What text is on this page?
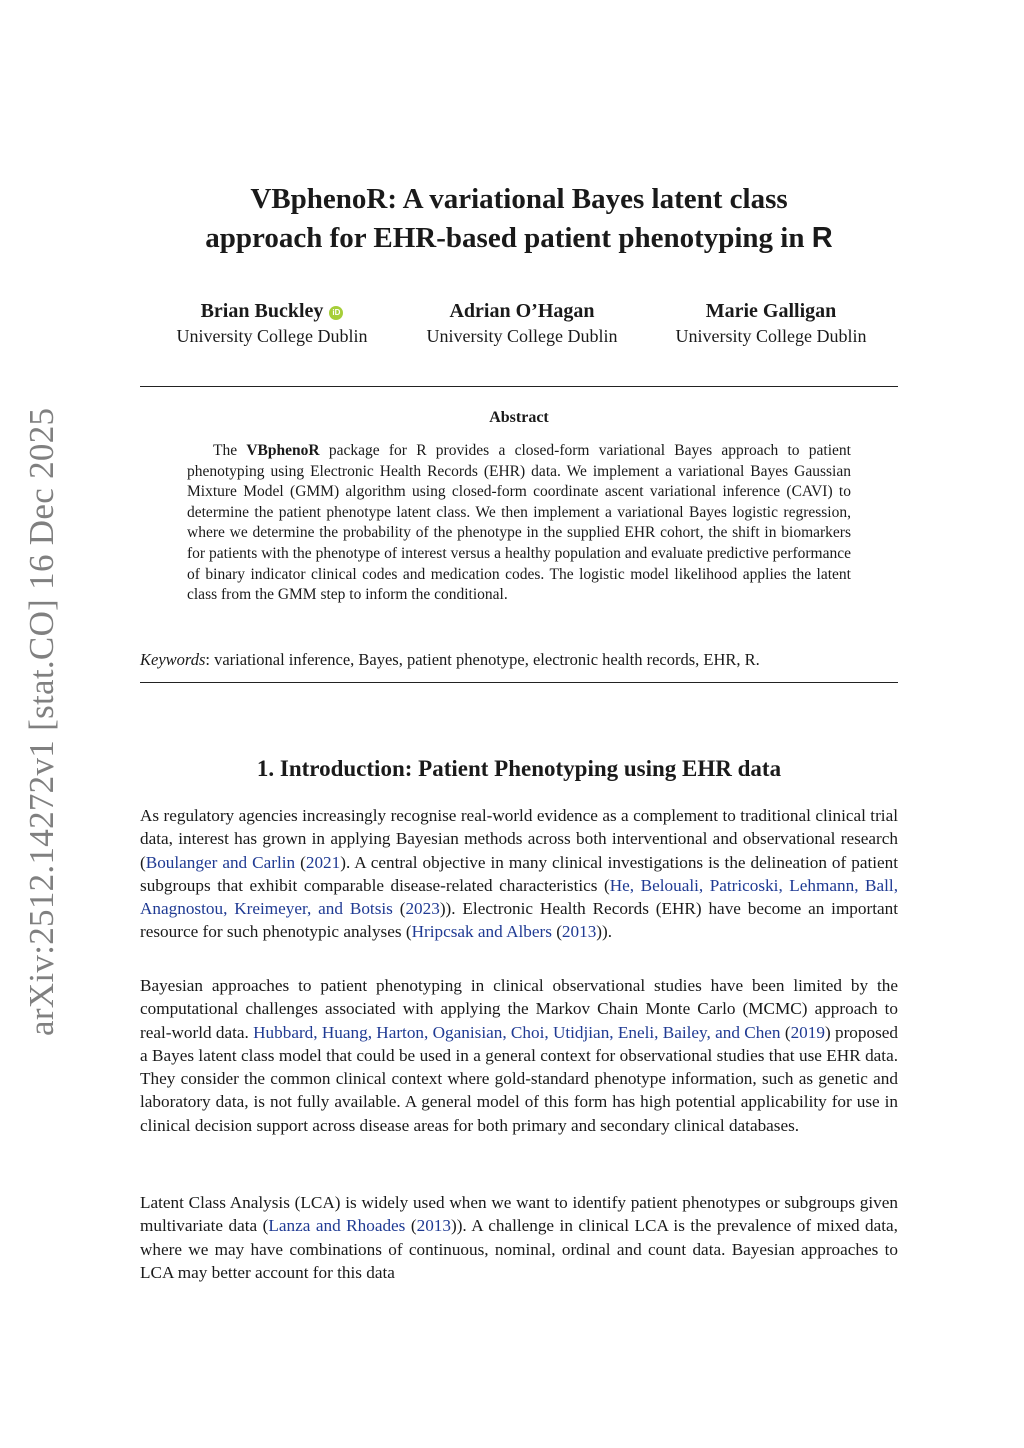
arXiv:2512.14272v1 [stat.CO] 16 Dec 2025
VBphenoR: A variational Bayes latent class
approach for EHR-based patient phenotyping in R
Brian Buckley iD
University College Dublin
Adrian O’Hagan
University College Dublin
Marie Galligan
University College Dublin
Abstract

The VBphenoR package for R provides a closed-form variational Bayes approach to patient phenotyping using Electronic Health Records (EHR) data. We implement a variational Bayes Gaussian Mixture Model (GMM) algorithm using closed-form coordinate ascent variational inference (CAVI) to determine the patient phenotype latent class. We then implement a variational Bayes logistic regression, where we determine the probability of the phenotype in the supplied EHR cohort, the shift in biomarkers for patients with the phenotype of interest versus a healthy population and evaluate predictive performance of binary indicator clinical codes and medication codes. The logistic model likelihood applies the latent class from the GMM step to inform the conditional.

Keywords: variational inference, Bayes, patient phenotype, electronic health records, EHR, R.
1. Introduction: Patient Phenotyping using EHR data

As regulatory agencies increasingly recognise real-world evidence as a complement to traditional clinical trial data, interest has grown in applying Bayesian methods across both interventional and observational research (Boulanger and Carlin (2021). A central objective in many clinical investigations is the delineation of patient subgroups that exhibit comparable disease-related characteristics (He, Belouali, Patricoski, Lehmann, Ball, Anagnostou, Kreimeyer, and Botsis (2023)). Electronic Health Records (EHR) have become an important resource for such phenotypic analyses (Hripcsak and Albers (2013)).

Bayesian approaches to patient phenotyping in clinical observational studies have been limited by the computational challenges associated with applying the Markov Chain Monte Carlo (MCMC) approach to real-world data. Hubbard, Huang, Harton, Oganisian, Choi, Utidjian, Eneli, Bailey, and Chen (2019) proposed a Bayes latent class model that could be used in a general context for observational studies that use EHR data. They consider the common clinical context where gold-standard phenotype information, such as genetic and laboratory data, is not fully available. A general model of this form has high potential applicability for use in clinical decision support across disease areas for both primary and secondary clinical databases.

Latent Class Analysis (LCA) is widely used when we want to identify patient phenotypes or subgroups given multivariate data (Lanza and Rhoades (2013)). A challenge in clinical LCA is the prevalence of mixed data, where we may have combinations of continuous, nominal, ordinal and count data. Bayesian approaches to LCA may better account for this data
